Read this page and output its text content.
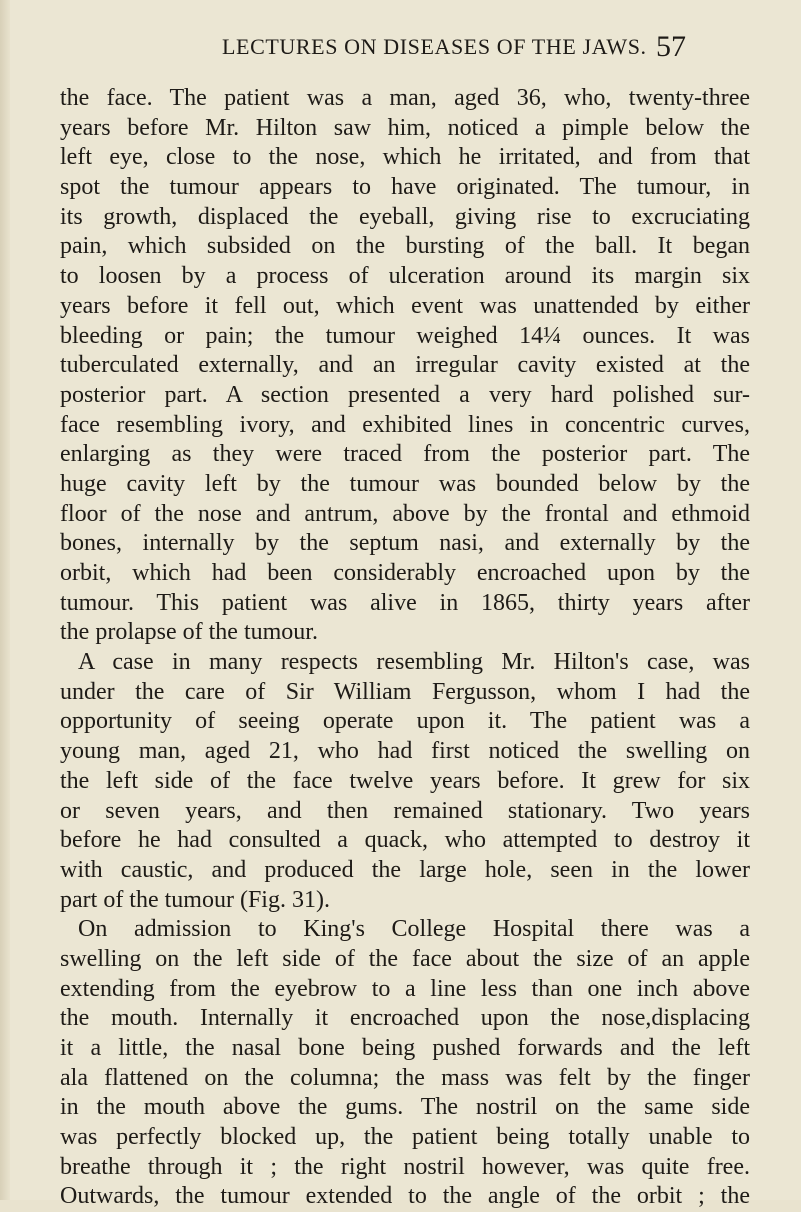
LECTURES ON DISEASES OF THE JAWS. 57
the face. The patient was a man, aged 36, who, twenty-three
years before Mr. Hilton saw him, noticed a pimple below the
left eye, close to the nose, which he irritated, and from that
spot the tumour appears to have originated. The tumour, in
its growth, displaced the eyeball, giving rise to excruciating
pain, which subsided on the bursting of the ball. It began
to loosen by a process of ulceration around its margin six
years before it fell out, which event was unattended by either
bleeding or pain; the tumour weighed 14¼ ounces. It was
tuberculated externally, and an irregular cavity existed at the
posterior part. A section presented a very hard polished sur-
face resembling ivory, and exhibited lines in concentric curves,
enlarging as they were traced from the posterior part. The
huge cavity left by the tumour was bounded below by the
floor of the nose and antrum, above by the frontal and ethmoid
bones, internally by the septum nasi, and externally by the
orbit, which had been considerably encroached upon by the
tumour. This patient was alive in 1865, thirty years after
the prolapse of the tumour.
A case in many respects resembling Mr. Hilton's case, was
under the care of Sir William Fergusson, whom I had the
opportunity of seeing operate upon it. The patient was a
young man, aged 21, who had first noticed the swelling on
the left side of the face twelve years before. It grew for six
or seven years, and then remained stationary. Two years
before he had consulted a quack, who attempted to destroy it
with caustic, and produced the large hole, seen in the lower
part of the tumour (Fig. 31).
On admission to King's College Hospital there was a
swelling on the left side of the face about the size of an apple
extending from the eyebrow to a line less than one inch above
the mouth. Internally it encroached upon the nose,displacing
it a little, the nasal bone being pushed forwards and the left
ala flattened on the columna; the mass was felt by the finger
in the mouth above the gums. The nostril on the same side
was perfectly blocked up, the patient being totally unable to
breathe through it ; the right nostril however, was quite free.
Outwards, the tumour extended to the angle of the orbit ; the
